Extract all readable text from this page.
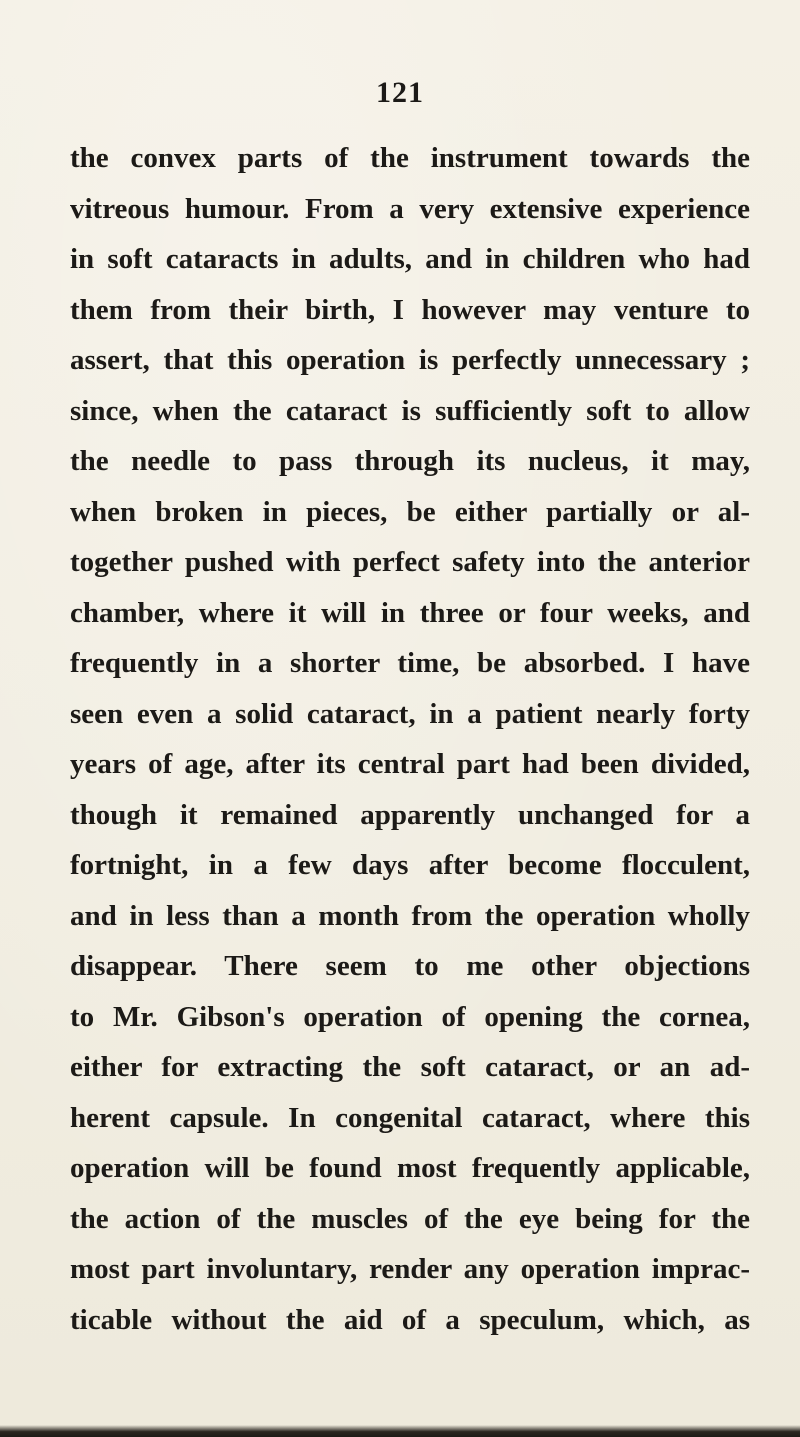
121
the convex parts of the instrument towards the
vitreous humour. From a very extensive experience
in soft cataracts in adults, and in children who had
them from their birth, I however may venture to
assert, that this operation is perfectly unnecessary ;
since, when the cataract is sufficiently soft to allow
the needle to pass through its nucleus, it may,
when broken in pieces, be either partially or al-
together pushed with perfect safety into the anterior
chamber, where it will in three or four weeks, and
frequently in a shorter time, be absorbed. I have
seen even a solid cataract, in a patient nearly forty
years of age, after its central part had been divided,
though it remained apparently unchanged for a
fortnight, in a few days after become flocculent,
and in less than a month from the operation wholly
disappear. There seem to me other objections
to Mr. Gibson's operation of opening the cornea,
either for extracting the soft cataract, or an ad-
herent capsule. In congenital cataract, where this
operation will be found most frequently applicable,
the action of the muscles of the eye being for the
most part involuntary, render any operation imprac-
ticable without the aid of a speculum, which, as
